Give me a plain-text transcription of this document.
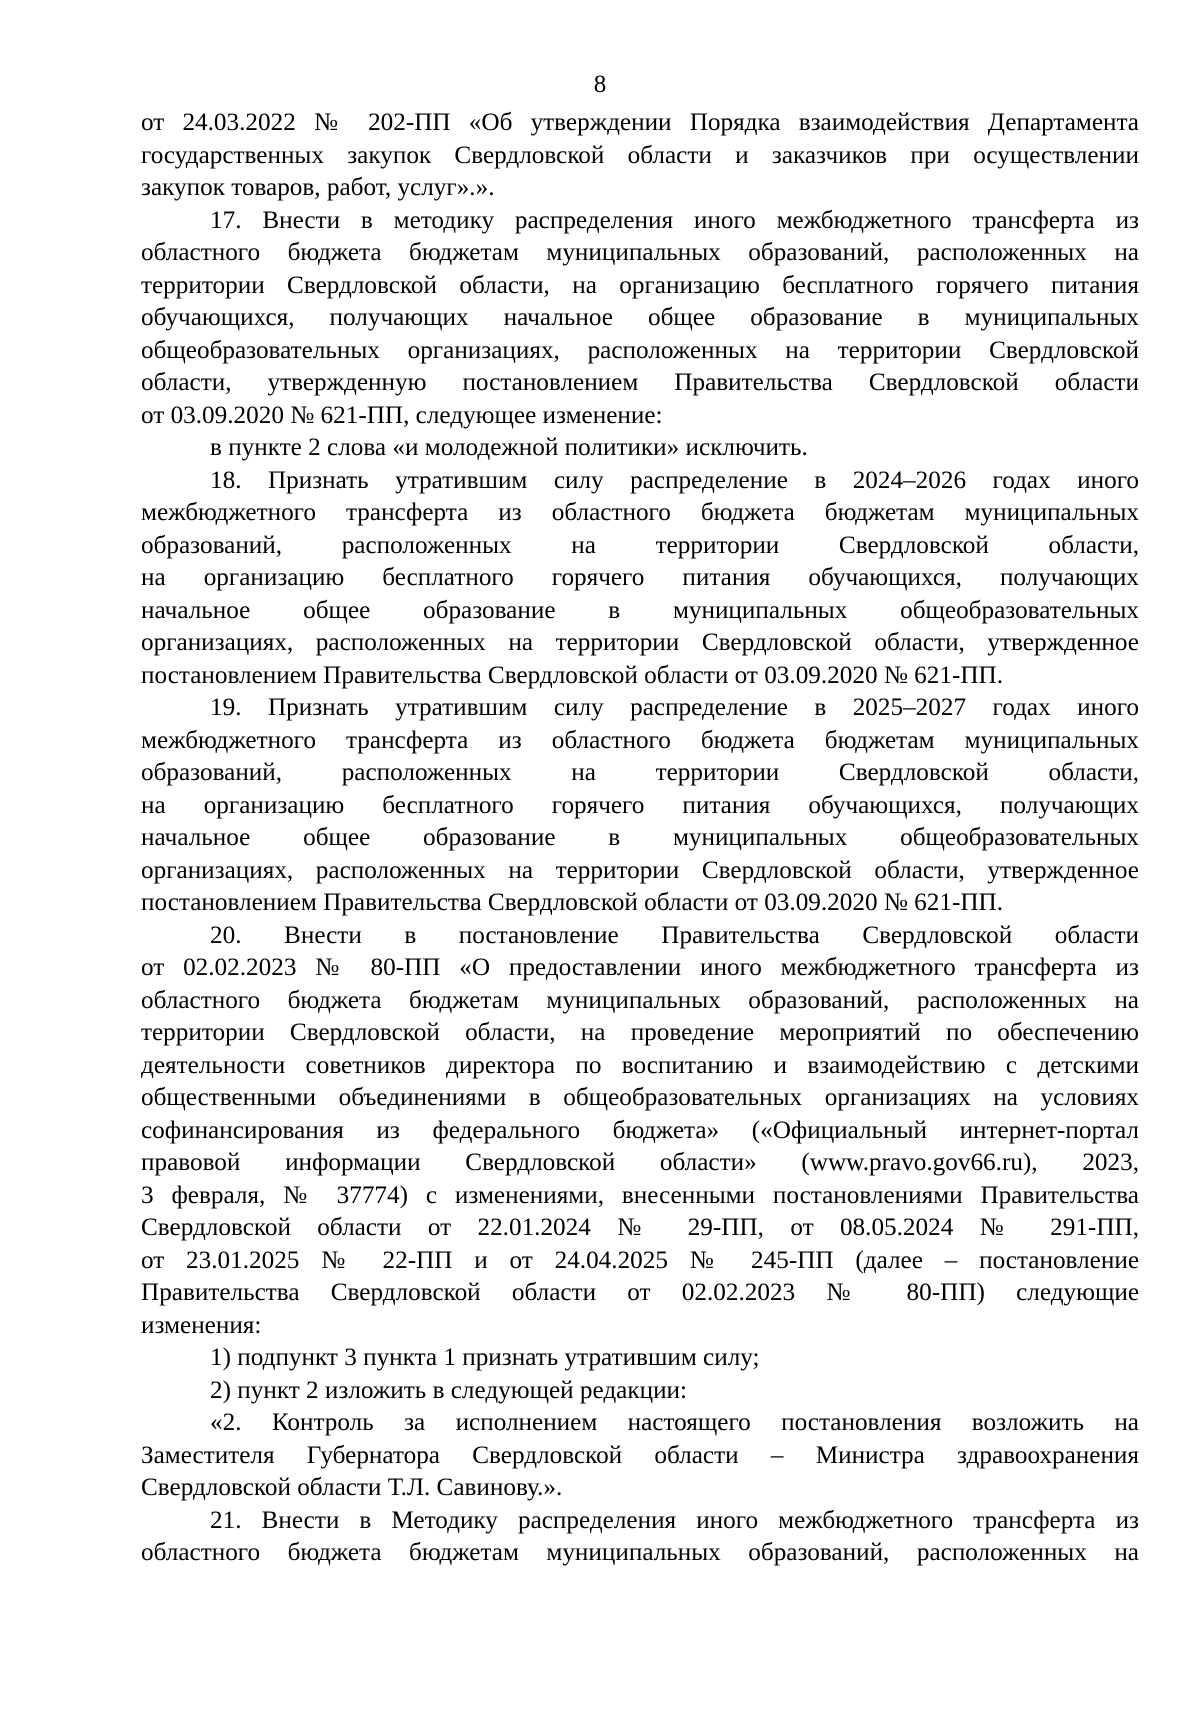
8
от 24.03.2022 № 202-ПП «Об утверждении Порядка взаимодействия Департамента
государственных закупок Свердловской области и заказчиков при осуществлении
закупок товаров, работ, услуг».».
17. Внести в методику распределения иного межбюджетного трансферта из
областного бюджета бюджетам муниципальных образований, расположенных на
территории Свердловской области, на организацию бесплатного горячего питания
обучающихся, получающих начальное общее образование в муниципальных
общеобразовательных организациях, расположенных на территории Свердловской
области, утвержденную постановлением Правительства Свердловской области
от 03.09.2020 № 621-ПП, следующее изменение:
в пункте 2 слова «и молодежной политики» исключить.
18. Признать утратившим силу распределение в 2024–2026 годах иного
межбюджетного трансферта из областного бюджета бюджетам муниципальных
образований, расположенных на территории Свердловской области,
на организацию бесплатного горячего питания обучающихся, получающих
начальное общее образование в муниципальных общеобразовательных
организациях, расположенных на территории Свердловской области, утвержденное
постановлением Правительства Свердловской области от 03.09.2020 № 621-ПП.
19. Признать утратившим силу распределение в 2025–2027 годах иного
межбюджетного трансферта из областного бюджета бюджетам муниципальных
образований, расположенных на территории Свердловской области,
на организацию бесплатного горячего питания обучающихся, получающих
начальное общее образование в муниципальных общеобразовательных
организациях, расположенных на территории Свердловской области, утвержденное
постановлением Правительства Свердловской области от 03.09.2020 № 621-ПП.
20. Внести в постановление Правительства Свердловской области
от 02.02.2023 № 80-ПП «О предоставлении иного межбюджетного трансферта из
областного бюджета бюджетам муниципальных образований, расположенных на
территории Свердловской области, на проведение мероприятий по обеспечению
деятельности советников директора по воспитанию и взаимодействию с детскими
общественными объединениями в общеобразовательных организациях на условиях
софинансирования из федерального бюджета» («Официальный интернет-портал
правовой информации Свердловской области» (www.pravo.gov66.ru), 2023,
3 февраля, № 37774) с изменениями, внесенными постановлениями Правительства
Свердловской области от 22.01.2024 № 29-ПП, от 08.05.2024 № 291-ПП,
от 23.01.2025 № 22-ПП и от 24.04.2025 № 245-ПП (далее – постановление
Правительства Свердловской области от 02.02.2023 № 80-ПП) следующие
изменения:
1) подпункт 3 пункта 1 признать утратившим силу;
2) пункт 2 изложить в следующей редакции:
«2. Контроль за исполнением настоящего постановления возложить на
Заместителя Губернатора Свердловской области – Министра здравоохранения
Свердловской области Т.Л. Савинову.».
21. Внести в Методику распределения иного межбюджетного трансферта из
областного бюджета бюджетам муниципальных образований, расположенных на
